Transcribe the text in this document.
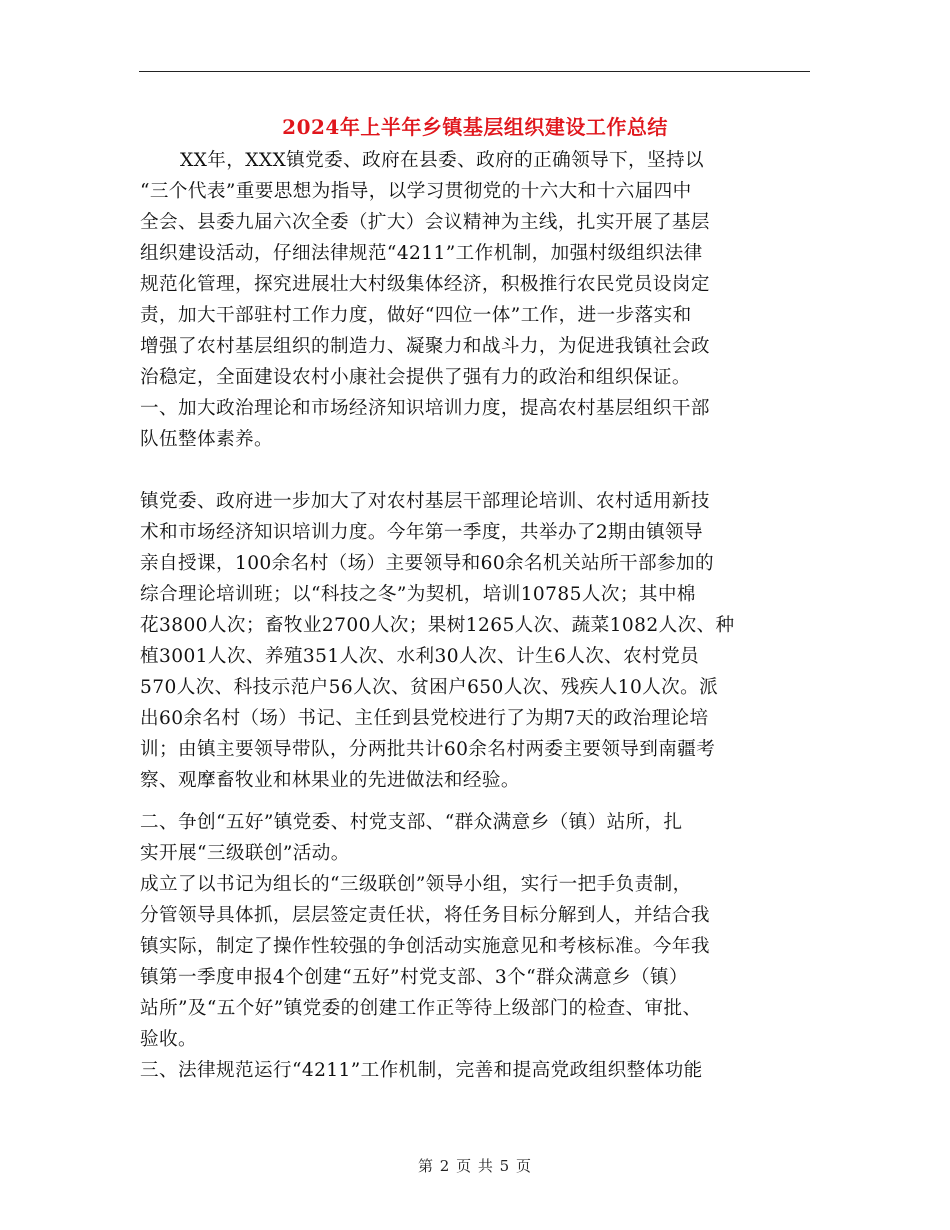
2024年上半年乡镇基层组织建设工作总结
XX年，XXX镇党委、政府在县委、政府的正确领导下，坚持以
“三个代表”重要思想为指导，以学习贯彻党的十六大和十六届四中
全会、县委九届六次全委（扩大）会议精神为主线，扎实开展了基层
组织建设活动，仔细法律规范“4211”工作机制，加强村级组织法律
规范化管理，探究进展壮大村级集体经济，积极推行农民党员设岗定
责，加大干部驻村工作力度，做好“四位一体”工作，进一步落实和
增强了农村基层组织的制造力、凝聚力和战斗力，为促进我镇社会政
治稳定，全面建设农村小康社会提供了强有力的政治和组织保证。
一、加大政治理论和市场经济知识培训力度，提高农村基层组织干部
队伍整体素养。
镇党委、政府进一步加大了对农村基层干部理论培训、农村适用新技
术和市场经济知识培训力度。今年第一季度，共举办了2期由镇领导
亲自授课，100余名村（场）主要领导和60余名机关站所干部参加的
综合理论培训班；以“科技之冬”为契机，培训10785人次；其中棉
花3800人次；畜牧业2700人次；果树1265人次、蔬菜1082人次、种
植3001人次、养殖351人次、水利30人次、计生6人次、农村党员
570人次、科技示范户56人次、贫困户650人次、残疾人10人次。派
出60余名村（场）书记、主任到县党校进行了为期7天的政治理论培
训；由镇主要领导带队，分两批共计60余名村两委主要领导到南疆考
察、观摩畜牧业和林果业的先进做法和经验。
二、争创“五好”镇党委、村党支部、“群众满意乡（镇）站所，扎
实开展“三级联创”活动。
成立了以书记为组长的“三级联创”领导小组，实行一把手负责制，
分管领导具体抓，层层签定责任状，将任务目标分解到人，并结合我
镇实际，制定了操作性较强的争创活动实施意见和考核标准。今年我
镇第一季度申报4个创建“五好”村党支部、3个“群众满意乡（镇）
站所”及“五个好”镇党委的创建工作正等待上级部门的检查、审批、
验收。
三、法律规范运行“4211”工作机制，完善和提高党政组织整体功能
第 2 页 共 5 页
